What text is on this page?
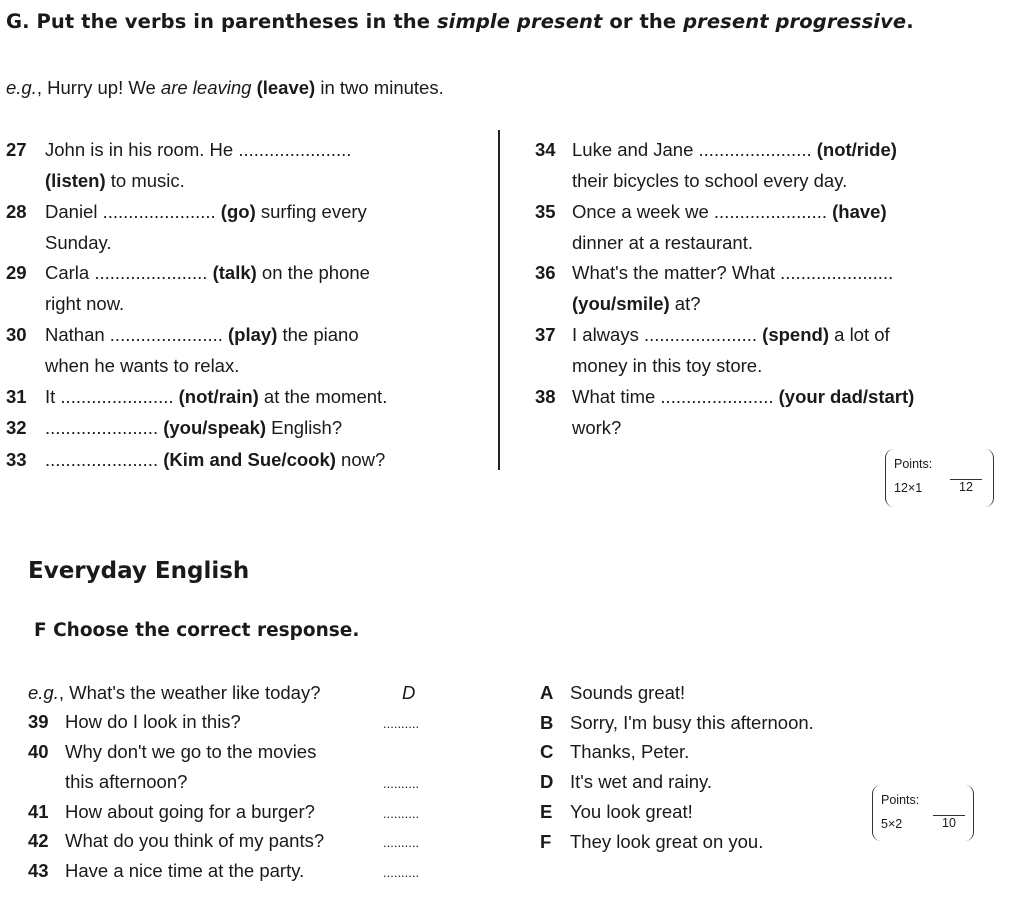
G. Put the verbs in parentheses in the simple present or the present progressive.
e.g., Hurry up! We are leaving (leave) in two minutes.
27 John is in his room. He ......................
(listen) to music.
28 Daniel ...................... (go) surfing every
Sunday.
29 Carla ...................... (talk) on the phone
right now.
30 Nathan ...................... (play) the piano
when he wants to relax.
31 It ...................... (not/rain) at the moment.
32 ...................... (you/speak) English?
33 ...................... (Kim and Sue/cook) now?
34 Luke and Jane ...................... (not/ride)
their bicycles to school every day.
35 Once a week we ...................... (have)
dinner at a restaurant.
36 What's the matter? What ......................
(you/smile) at?
37 I always ...................... (spend) a lot of
money in this toy store.
38 What time ...................... (your dad/start)
work?
Points:
12×1	12
Everyday English
F Choose the correct response.
e.g., What's the weather like today?	D
39 How do I look in this?	..........
40 Why don't we go to the movies
this afternoon?	..........
41 How about going for a burger?	..........
42 What do you think of my pants?	..........
43 Have a nice time at the party.	..........
A Sounds great!
B Sorry, I'm busy this afternoon.
C Thanks, Peter.
D It's wet and rainy.
E You look great!
F They look great on you.
Points:
5×2	10
